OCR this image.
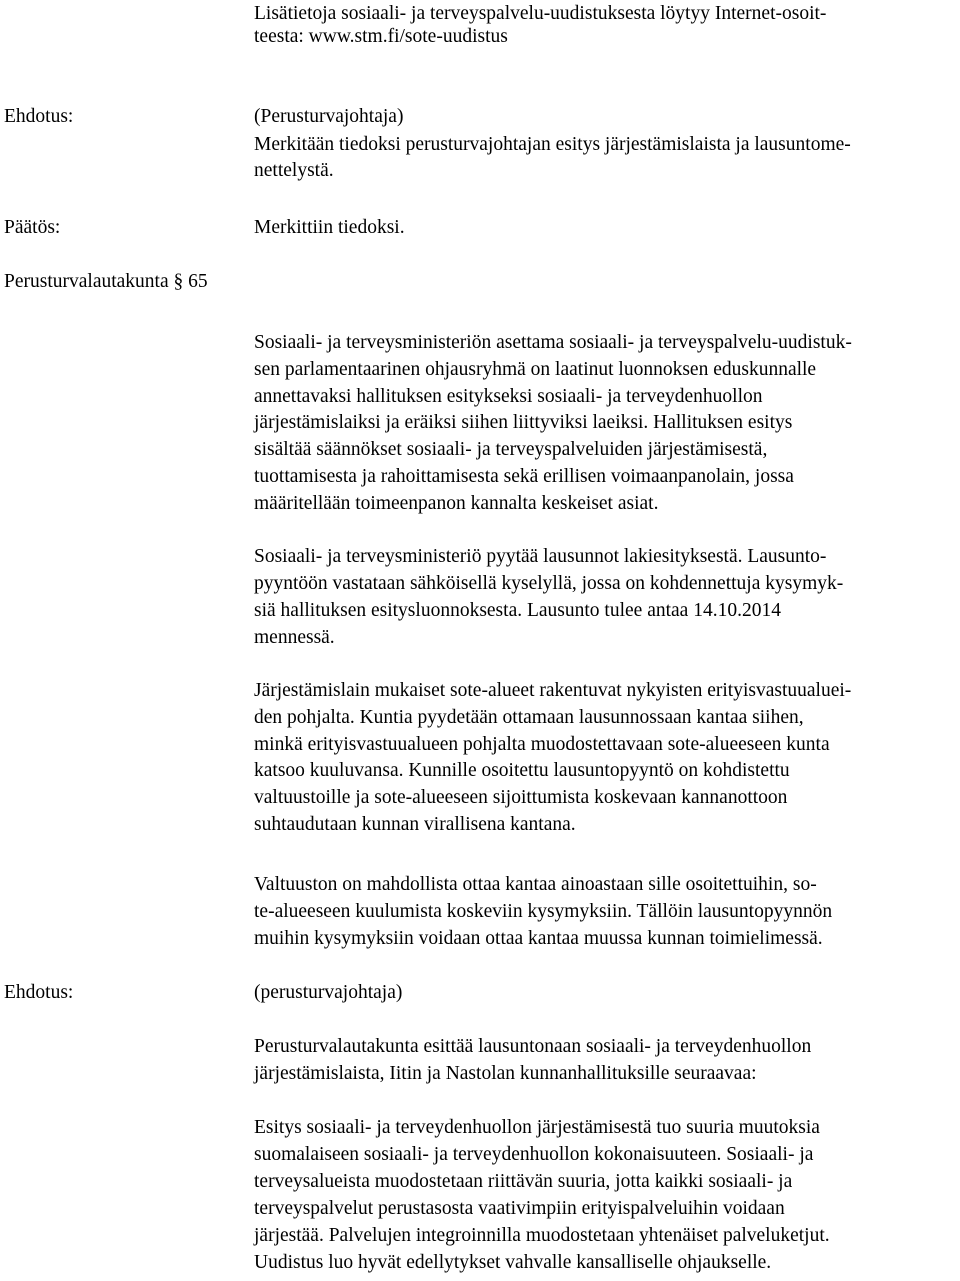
Lisätietoja sosiaali- ja terveyspalvelu-uudistuksesta löytyy Internet-osoit-
teesta: www.stm.fi/sote-uudistus
Ehdotus:	(Perusturvajohtaja)
Merkitään tiedoksi perusturvajohtajan esitys järjestämislaista ja lausuntome-
nettelystä.
Päätös:	Merkittiin tiedoksi.
Perusturvalautakunta § 65
Sosiaali- ja terveysministeriön asettama sosiaali- ja terveyspalvelu-uudistuk-
sen parlamentaarinen ohjausryhmä on laatinut luonnoksen eduskunnalle
annettavaksi hallituksen esitykseksi sosiaali- ja terveydenhuollon
järjestämislaiksi ja eräiksi siihen liittyviksi laeiksi. Hallituksen esitys
sisältää säännökset sosiaali- ja terveyspalveluiden järjestämisestä,
tuottamisesta ja rahoittamisesta sekä erillisen voimaanpanolain, jossa
määritellään toimeenpanon kannalta keskeiset asiat.
Sosiaali- ja terveysministeriö pyytää lausunnot lakiesityksestä. Lausunto-
pyyntöön vastataan sähköisellä kyselyllä, jossa on kohdennettuja kysymyk-
siä hallituksen esitysluonnoksesta. Lausunto tulee antaa 14.10.2014
mennessä.
Järjestämislain mukaiset sote-alueet rakentuvat nykyisten erityisvastuualuei-
den pohjalta. Kuntia pyydetään ottamaan lausunnossaan kantaa siihen,
minkä erityisvastuualueen pohjalta muodostettavaan sote-alueeseen kunta
katsoo kuuluvansa. Kunnille osoitettu lausuntopyyntö on kohdistettu
valtuustoille ja sote-alueeseen sijoittumista koskevaan kannanottoon
suhtaudutaan kunnan virallisena kantana.
Valtuuston on mahdollista ottaa kantaa ainoastaan sille osoitettuihin, so-
te-alueeseen kuulumista koskeviin kysymyksiin. Tällöin lausuntopyynnön
muihin kysymyksiin voidaan ottaa kantaa muussa kunnan toimielimessä.
Ehdotus:	(perusturvajohtaja)
Perusturvalautakunta esittää lausuntonaan sosiaali- ja terveydenhuollon
järjestämislaista, Iitin ja Nastolan kunnanhallituksille seuraavaa:
Esitys sosiaali- ja terveydenhuollon järjestämisestä tuo suuria muutoksia
suomalaiseen sosiaali- ja terveydenhuollon kokonaisuuteen. Sosiaali- ja
terveysalueista muodostetaan riittävän suuria, jotta kaikki sosiaali- ja
terveyspalvelut perustasosta vaativimpiin erityispalveluihin voidaan
järjestää. Palvelujen integroinnilla muodostetaan yhtenäiset palveluketjut.
Uudistus luo hyvät edellytykset vahvalle kansalliselle ohjaukselle.
